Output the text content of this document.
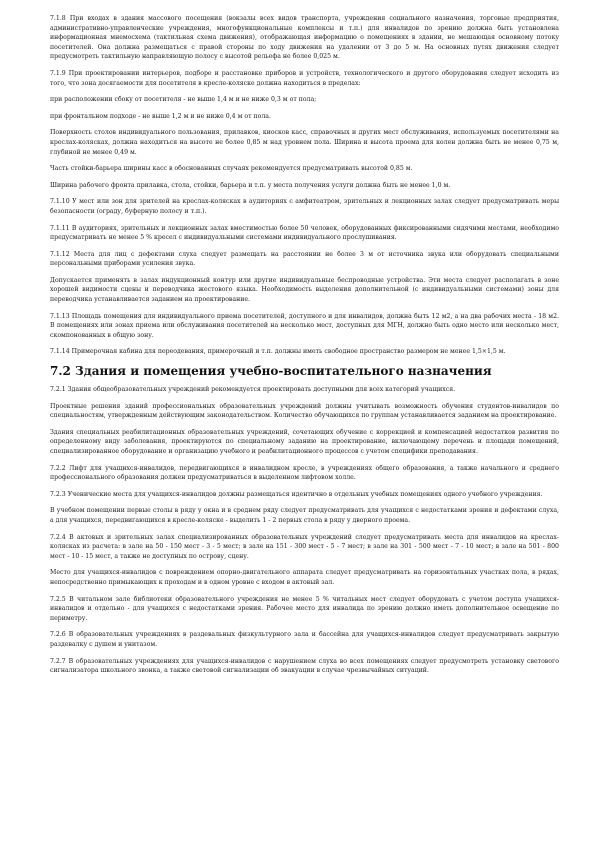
7.1.8 При входах в здания массового посещения (вокзалы всех видов транспорта, учреждения социального назначения, торговые предприятия, административно-управленческие учреждения, многофункциональные комплексы и т.п.) для инвалидов по зрению должна быть установлена информационная мнемосхема (тактильная схема движения), отображающая информацию о помещениях в здании, не мешающая основному потоку посетителей. Она должна размещаться с правой стороны по ходу движения на удалении от 3 до 5 м. На основных путях движения следует предусмотреть тактильную направляющую полосу с высотой рельефа не более 0,025 м.

7.1.9 При проектировании интерьеров, подборе и расстановке приборов и устройств, технологического и другого оборудования следует исходить из того, что зона досягаемости для посетителя в кресле-коляске должна находиться в пределах:

при расположении сбоку от посетителя - не выше 1,4 м и не ниже 0,3 м от пола;

при фронтальном подходе - не выше 1,2 м и не ниже 0,4 м от пола.

Поверхность столов индивидуального пользования, прилавков, киосков касс, справочных и других мест обслуживания, используемых посетителями на креслах-колясках, должна находиться на высоте не более 0,85 м над уровнем пола. Ширина и высота проема для колен должна быть не менее 0,75 м, глубиной не менее 0,49 м.

Часть стойки-барьера ширины касс в обоснованных случаях рекомендуется предусматривать высотой 0,85 м.

Ширина рабочего фронта прилавка, стола, стойки, барьера и т.п. у места получения услуги должна быть не менее 1,0 м.

7.1.10 У мест или зон для зрителей на креслах-колясках в аудиториях с амфитеатром, зрительных и лекционных залах следует предусматривать меры безопасности (ограду, буферную полосу и т.п.).

7.1.11 В аудиториях, зрительных и лекционных залах вместимостью более 50 человек, оборудованных фиксированными сидячими местами, необходимо предусматривать не менее 5 % кресел с индивидуальными системами индивидуального прослушивания.

7.1.12 Места для лиц с дефектами слуха следует размещать на расстоянии не более 3 м от источника звука или оборудовать специальными персональными приборами усиления звука.

Допускается применять в залах индукционный контур или другие индивидуальные беспроводные устройства. Эти места следует располагать в зоне хорошей видимости сцены и переводчика жестового языка. Необходимость выделения дополнительной (с индивидуальными системами) зоны для переводчика устанавливается заданием на проектирование.

7.1.13 Площадь помещения для индивидуального приема посетителей, доступного и для инвалидов, должна быть 12 м2, а на два рабочих места - 18 м2. В помещениях или зонах приема или обслуживания посетителей на несколько мест, доступных для МГН, должно быть одно место или несколько мест, скомпонованных в общую зону.

7.1.14 Примерочная кабина для переодевания, примерочный и т.п. должны иметь свободное пространство размером не менее 1,5×1,5 м.

7.2 Здания и помещения учебно-воспитательного назначения

7.2.1 Здания общеобразовательных учреждений рекомендуется проектировать доступными для всех категорий учащихся.

Проектные решения зданий профессиональных образовательных учреждений должны учитывать возможность обучения студентов-инвалидов по специальностям, утвержденным действующим законодательством. Количество обучающихся по группам устанавливается заданием на проектирование.

Здания специальных реабилитационных образовательных учреждений, сочетающих обучение с коррекцией и компенсацией недостатков развития по определенному виду заболевания, проектируются по специальному заданию на проектирование, включающему перечень и площади помещений, специализированное оборудование и организацию учебного и реабилитационного процессов с учетом специфики преподавания.

7.2.2 Лифт для учащихся-инвалидов, передвигающихся в инвалидном кресле, в учреждениях общего образования, а также начального и среднего профессионального образования должен предусматриваться в выделенном лифтовом холле.

7.2.3 Ученические места для учащихся-инвалидов должны размещаться идентично в отдельных учебных помещениях одного учебного учреждения.

В учебном помещении первые столы в ряду у окна и в среднем ряду следует предусматривать для учащихся с недостатками зрения и дефектами слуха, а для учащихся, передвигающихся в кресле-коляске - выделить 1 - 2 первых стола в ряду у дверного проема.

7.2.4 В актовых и зрительных залах специализированных образовательных учреждений следует предусматривать места для инвалидов на креслах-колясках из расчета: в зале на 50 - 150 мест - 3 - 5 мест; в зале на 151 - 300 мест - 5 - 7 мест; в зале на 301 - 500 мест - 7 - 10 мест; в зале на 501 - 800 мест - 10 - 15 мест, а также не доступных по острову, сцену.

Место для учащихся-инвалидов с повреждением опорно-двигательного аппарата следует предусматривать на горизонтальных участках пола, в рядах, непосредственно примыкающих к проходам и в одном уровне с входом в актовый зал.

7.2.5 В читальном зале библиотеки образовательного учреждения не менее 5 % читальных мест следует оборудовать с учетом доступа учащихся-инвалидов и отдельно - для учащихся с недостатками зрения. Рабочее место для инвалида по зрению должно иметь дополнительное освещение по периметру.

7.2.6 В образовательных учреждениях в раздевальных физкультурного зала и бассейна для учащихся-инвалидов следует предусматривать закрытую раздевалку с душем и унитазом.

7.2.7 В образовательных учреждениях для учащихся-инвалидов с нарушением слуха во всех помещениях следует предусмотреть установку светового сигнализатора школьного звонка, а также световой сигнализации об эвакуации в случае чрезвычайных ситуаций.
